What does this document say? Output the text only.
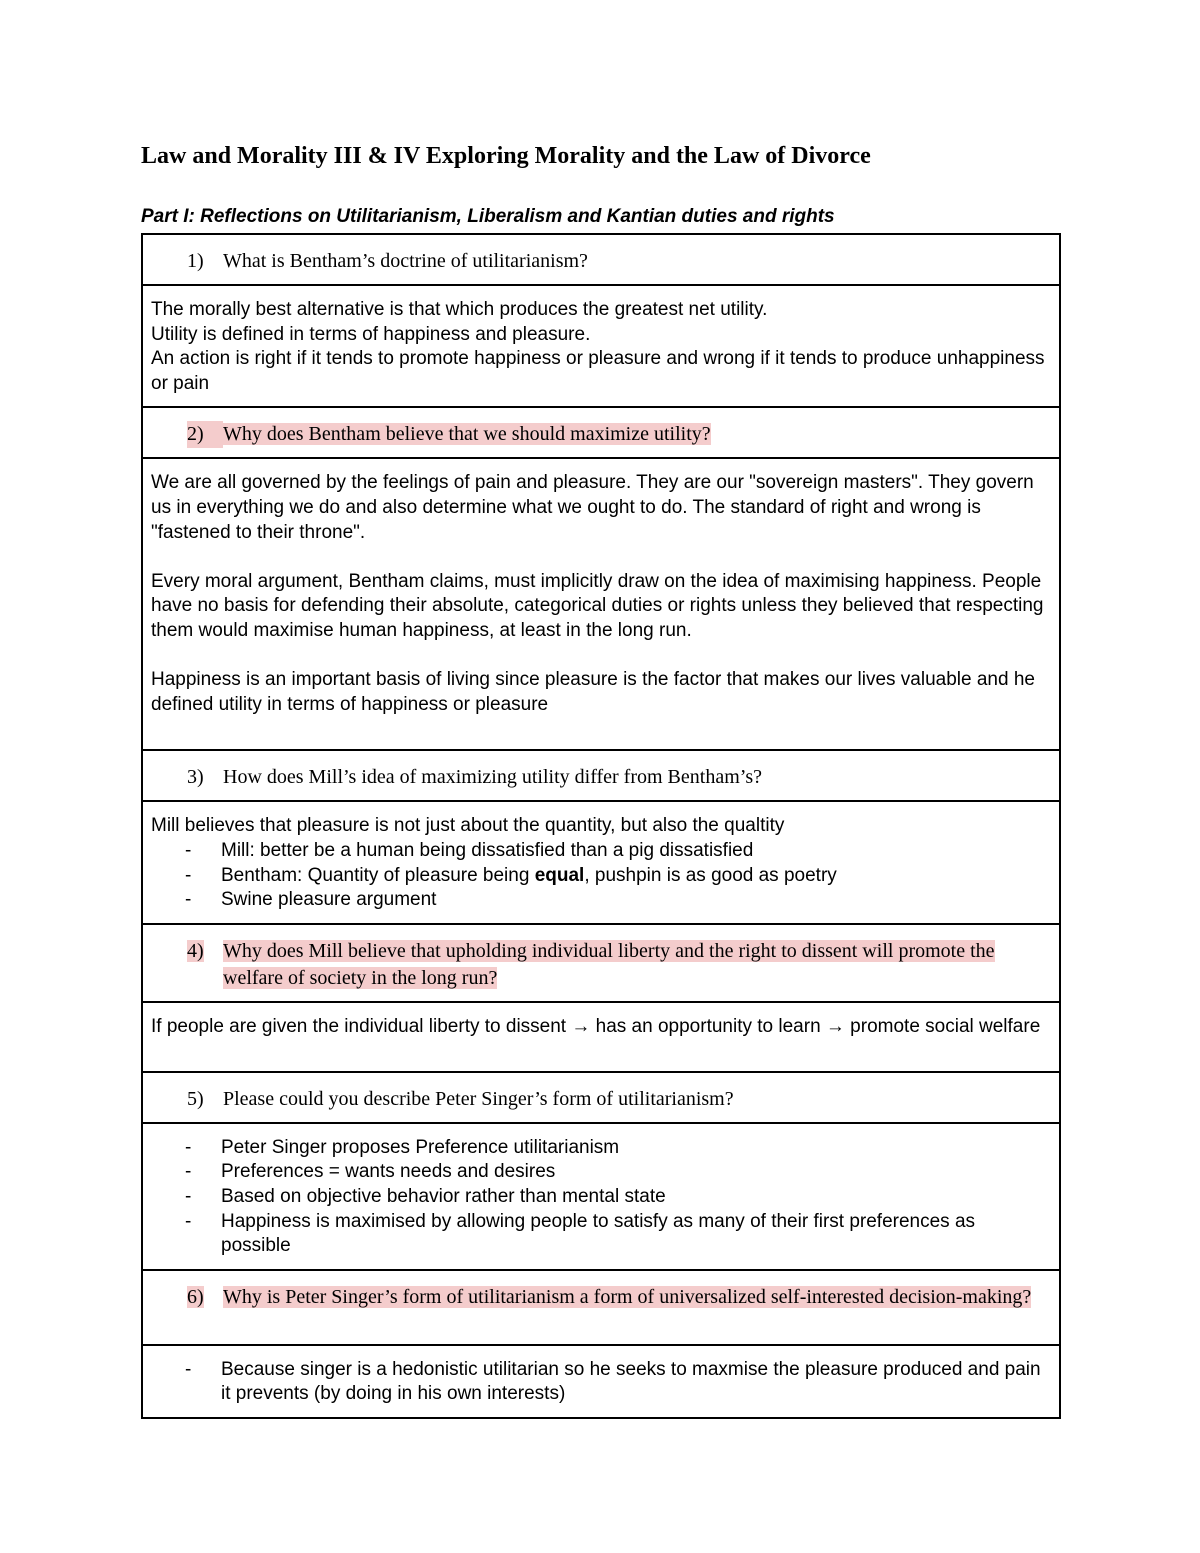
Law and Morality III & IV Exploring Morality and the Law of Divorce
Part I: Reflections on Utilitarianism, Liberalism and Kantian duties and rights
1) What is Bentham’s doctrine of utilitarianism?

The morally best alternative is that which produces the greatest net utility.
Utility is defined in terms of happiness and pleasure.
An action is right if it tends to promote happiness or pleasure and wrong if it tends to produce unhappiness or pain

2) Why does Bentham believe that we should maximize utility?

We are all governed by the feelings of pain and pleasure. They are our "sovereign masters". They govern us in everything we do and also determine what we ought to do. The standard of right and wrong is "fastened to their throne".

Every moral argument, Bentham claims, must implicitly draw on the idea of maximising happiness. People have no basis for defending their absolute, categorical duties or rights unless they believed that respecting them would maximise human happiness, at least in the long run.

Happiness is an important basis of living since pleasure is the factor that makes our lives valuable and he defined utility in terms of happiness or pleasure

3) How does Mill’s idea of maximizing utility differ from Bentham’s?

Mill believes that pleasure is not just about the quantity, but also the qualtity
-	Mill: better be a human being dissatisfied than a pig dissatisfied
-	Bentham: Quantity of pleasure being equal, pushpin is as good as poetry
-	Swine pleasure argument

4) Why does Mill believe that upholding individual liberty and the right to dissent will promote the welfare of society in the long run?

If people are given the individual liberty to dissent → has an opportunity to learn → promote social welfare

5) Please could you describe Peter Singer’s form of utilitarianism?

-	Peter Singer proposes Preference utilitarianism
-	Preferences = wants needs and desires
-	Based on objective behavior rather than mental state
-	Happiness is maximised by allowing people to satisfy as many of their first preferences as possible

6) Why is Peter Singer’s form of utilitarianism a form of universalized self-interested decision-making?

-	Because singer is a hedonistic utilitarian so he seeks to maxmise the pleasure produced and pain it prevents (by doing in his own interests)
